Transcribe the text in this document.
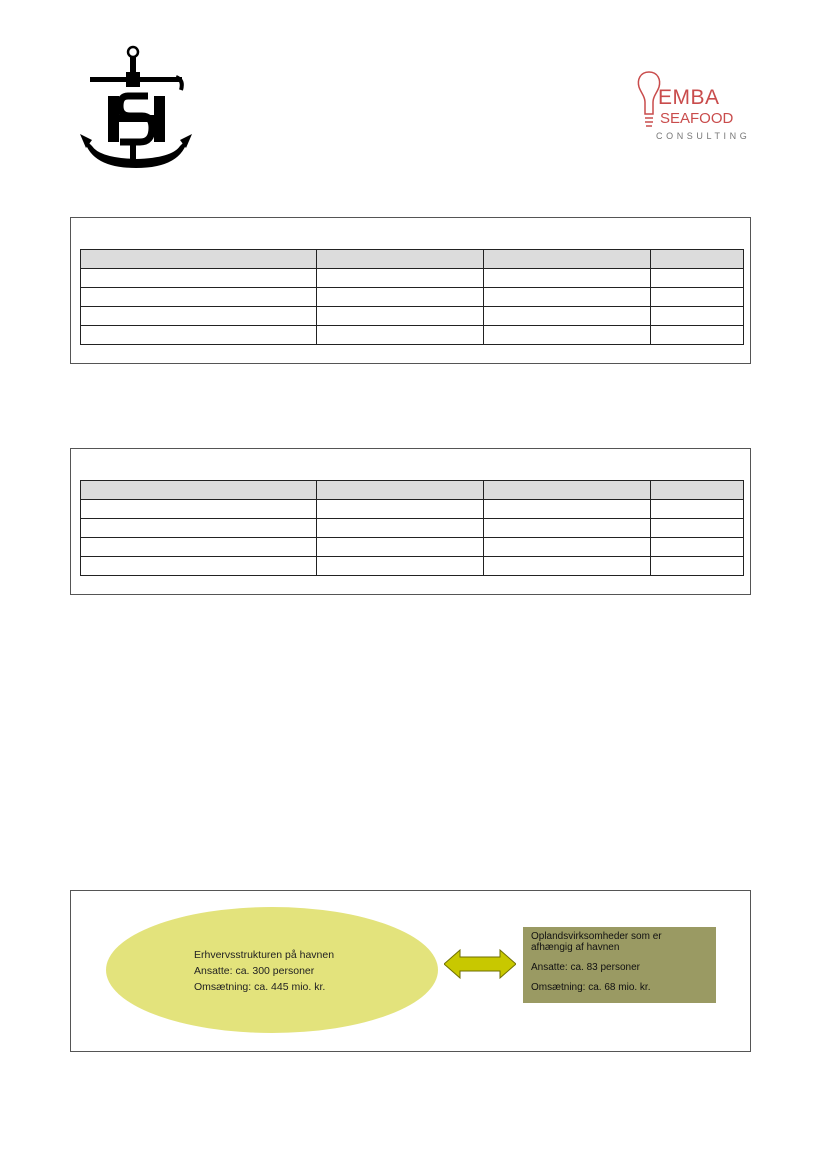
EMBA
SEAFOOD
CONSULTING

Erhvervsstrukturen på havnen
Ansatte: ca. 300 personer
Omsætning: ca. 445 mio. kr.
Oplandsvirksomheder som er
afhængig af havnen
Ansatte: ca. 83 personer
Omsætning: ca. 68 mio. kr.
